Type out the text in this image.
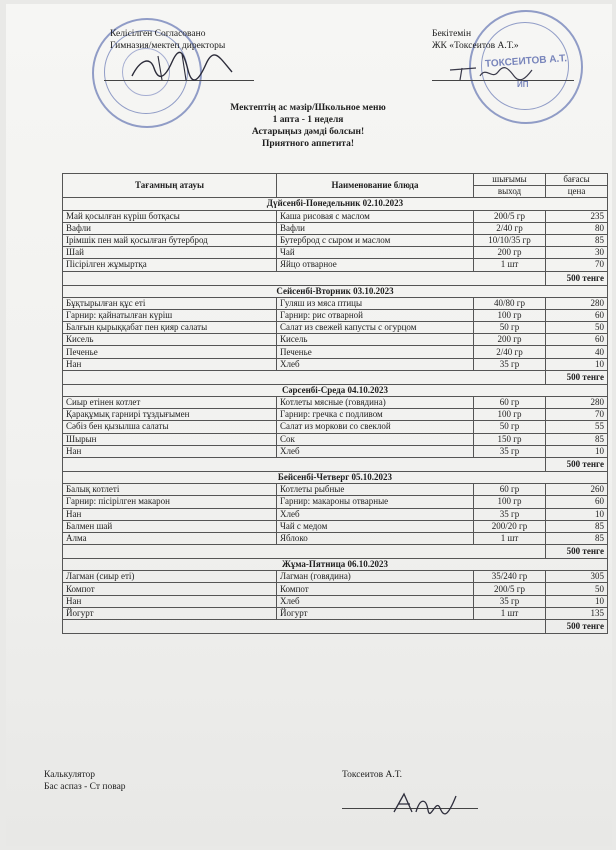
ТОКСЕИТОВ А.Т.
ИП
Келісілген Согласовано
Гимназия/мектеп директоры
Бекітемін
ЖК «Токсеитов А.Т.»
Мектептің ас мәзір/Школьное меню
1 апта - 1 неделя
Астарыңыз дәмді болсын!
Приятного аппетита!
Тағамның атауы	Наименование блюда	шығымы	бағасы
		выход	цена
Дүйсенбі-Понедельник 02.10.2023			
Май қосылған күріш ботқасы	Каша рисовая с маслом	200/5 гр	235
Вафли	Вафли	2/40 гр	80
Ірімшік пен май қосылған бутерброд	Бутерброд с сыром и маслом	10/10/35 гр	85
Шай	Чай	200 гр	30
Пісірілген жұмыртқа	Яйцо отварное	1 шт	70
			500 тенге
Сейсенбі-Вторник 03.10.2023			
Бұқтырылған құс еті	Гуляш из мяса птицы	40/80 гр	280
Гарнир: қайнатылған күріш	Гарнир: рис отварной	100 гр	60
Балғын қырыққабат пен қияр салаты	Салат из свежей капусты с огурцом	50 гр	50
Кисель	Кисель	200 гр	60
Печенье	Печенье	2/40 гр	40
Нан	Хлеб	35 гр	10
			500 тенге
Сәрсенбі-Среда 04.10.2023			
Сиыр етінен котлет	Котлеты мясные (говядина)	60 гр	280
Қарақұмық гарнирі тұздығымен	Гарнир: гречка с подливом	100 гр	70
Сәбіз бен қызылша салаты	Салат из моркови со свеклой	50 гр	55
Шырын	Сок	150 гр	85
Нан	Хлеб	35 гр	10
			500 тенге
Бейсенбі-Четверг 05.10.2023			
Балық котлеті	Котлеты рыбные	60 гр	260
Гарнир: пісірілген макарон	Гарнир: макароны отварные	100 гр	60
Нан	Хлеб	35 гр	10
Балмен шай	Чай с медом	200/20 гр	85
Алма	Яблоко	1 шт	85
			500 тенге
Жұма-Пятница 06.10.2023			
Лагман (сиыр еті)	Лагман (говядина)	35/240 гр	305
Компот	Компот	200/5 гр	50
Нан	Хлеб	35 гр	10
Йогурт	Йогурт	1 шт	135
			500 тенге
Калькулятор
Бас аспаз - Ст повар
Токсеитов А.Т.
